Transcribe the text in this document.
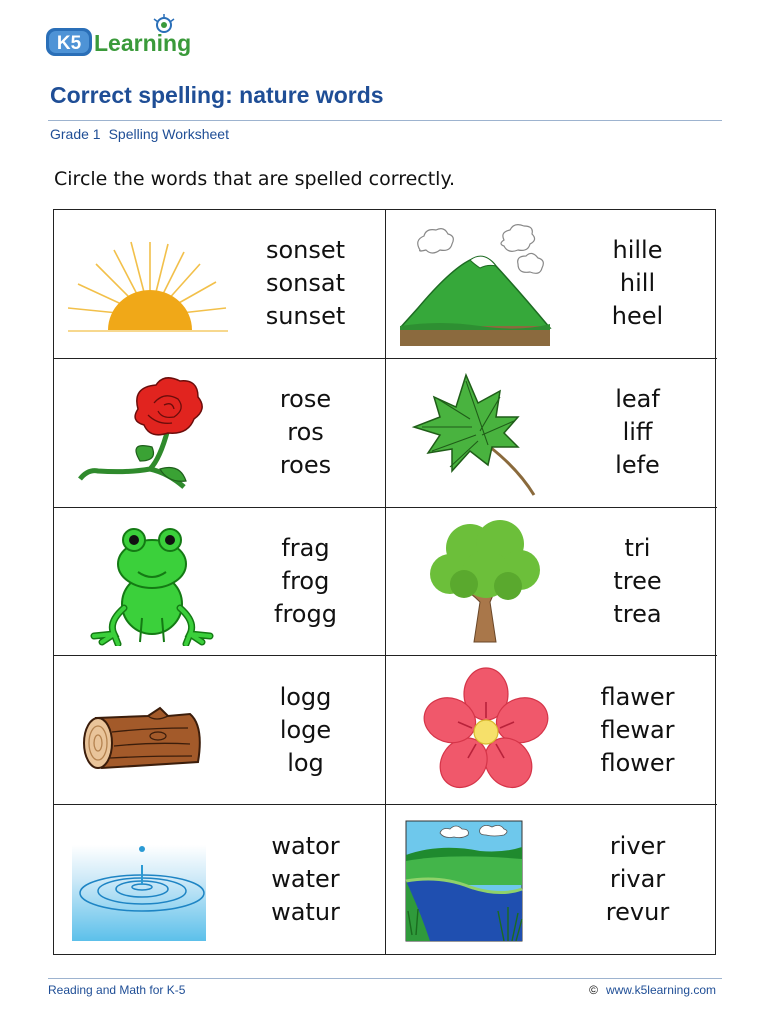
K5 Learning
Correct spelling: nature words
Grade 1 Spelling Worksheet
Circle the words that are spelled correctly.
sonset
sonsat
sunset
hille
hill
heel
rose
ros
roes
leaf
liff
lefe
frag
frog
frogg
tri
tree
trea
logg
loge
log
flawer
flewar
flower
wator
water
watur
river
rivar
revur
Reading and Math for K-5	© www.k5learning.com
